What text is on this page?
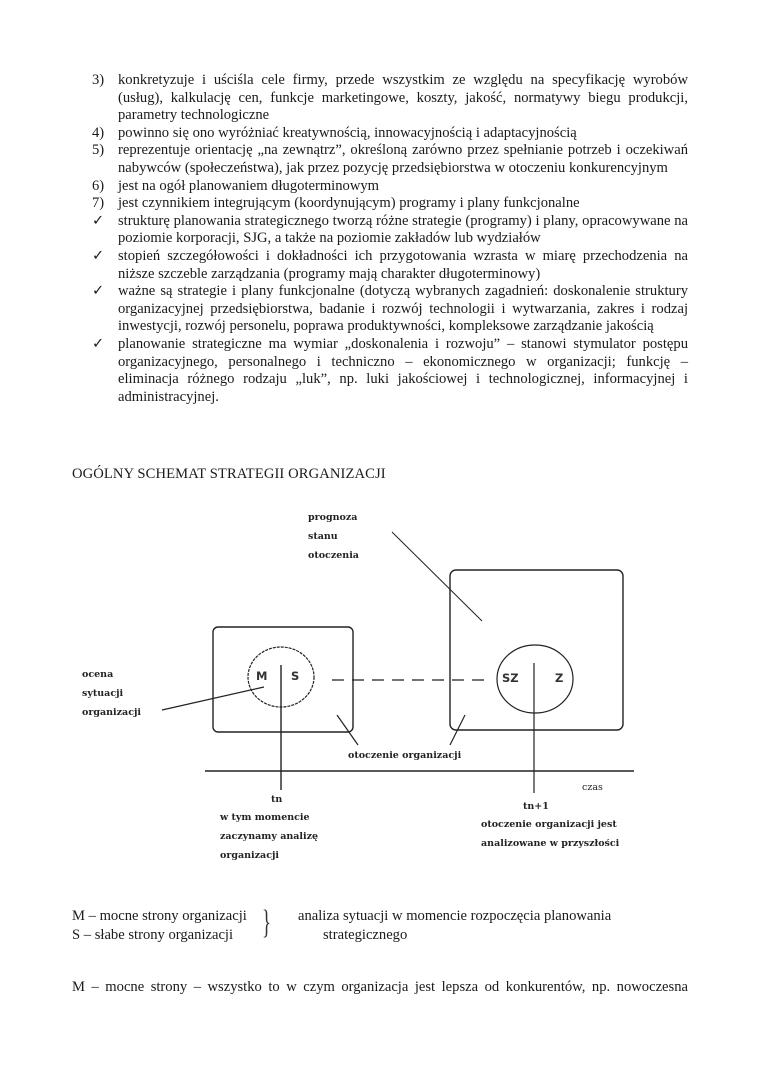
3) konkretyzuje i uściśla cele firmy, przede wszystkim ze względu na specyfikację wyrobów (usług), kalkulację cen, funkcje marketingowe, koszty, jakość, normatywy biegu produkcji, parametry technologiczne
4) powinno się ono wyróżniać kreatywnością, innowacyjnością i adaptacyjnością
5) reprezentuje orientację „na zewnątrz”, określoną zarówno przez spełnianie potrzeb i oczekiwań nabywców (społeczeństwa), jak przez pozycję przedsiębiorstwa w otoczeniu konkurencyjnym
6) jest na ogół planowaniem długoterminowym
7) jest czynnikiem integrującym (koordynującym) programy i plany funkcjonalne
✓ strukturę planowania strategicznego tworzą różne strategie (programy) i plany, opracowywane na poziomie korporacji, SJG, a także na poziomie zakładów lub wydziałów
✓ stopień szczegółowości i dokładności ich przygotowania wzrasta w miarę przechodzenia na niższe szczeble zarządzania (programy mają charakter długoterminowy)
✓ ważne są strategie i plany funkcjonalne (dotyczą wybranych zagadnień: doskonalenie struktury organizacyjnej przedsiębiorstwa, badanie i rozwój technologii i wytwarzania, zakres i rodzaj inwestycji, rozwój personelu, poprawa produktywności, kompleksowe zarządzanie jakością
✓ planowanie strategiczne ma wymiar „doskonalenia i rozwoju” – stanowi stymulator postępu organizacyjnego, personalnego i techniczno – ekonomicznego w organizacji; funkcję – eliminacja różnego rodzaju „luk”, np. luki jakościowej i technologicznej, informacyjnej i administracyjnej.
OGÓLNY SCHEMAT STRATEGII ORGANIZACJI
prognoza
stanu
otoczenia
ocena
sytuacji
organizacji
M S	SZ	Z
otoczenie organizacji
czas
tn
w tym momencie
zaczynamy analizę
organizacji
tn+1
otoczenie organizacji jest
analizowane w przyszłości
M – mocne strony organizacji
S – słabe strony organizacji } analiza sytuacji w momencie rozpoczęcia planowania
strategicznego
M – mocne strony – wszystko to w czym organizacja jest lepsza od konkurentów, np. nowoczesna
